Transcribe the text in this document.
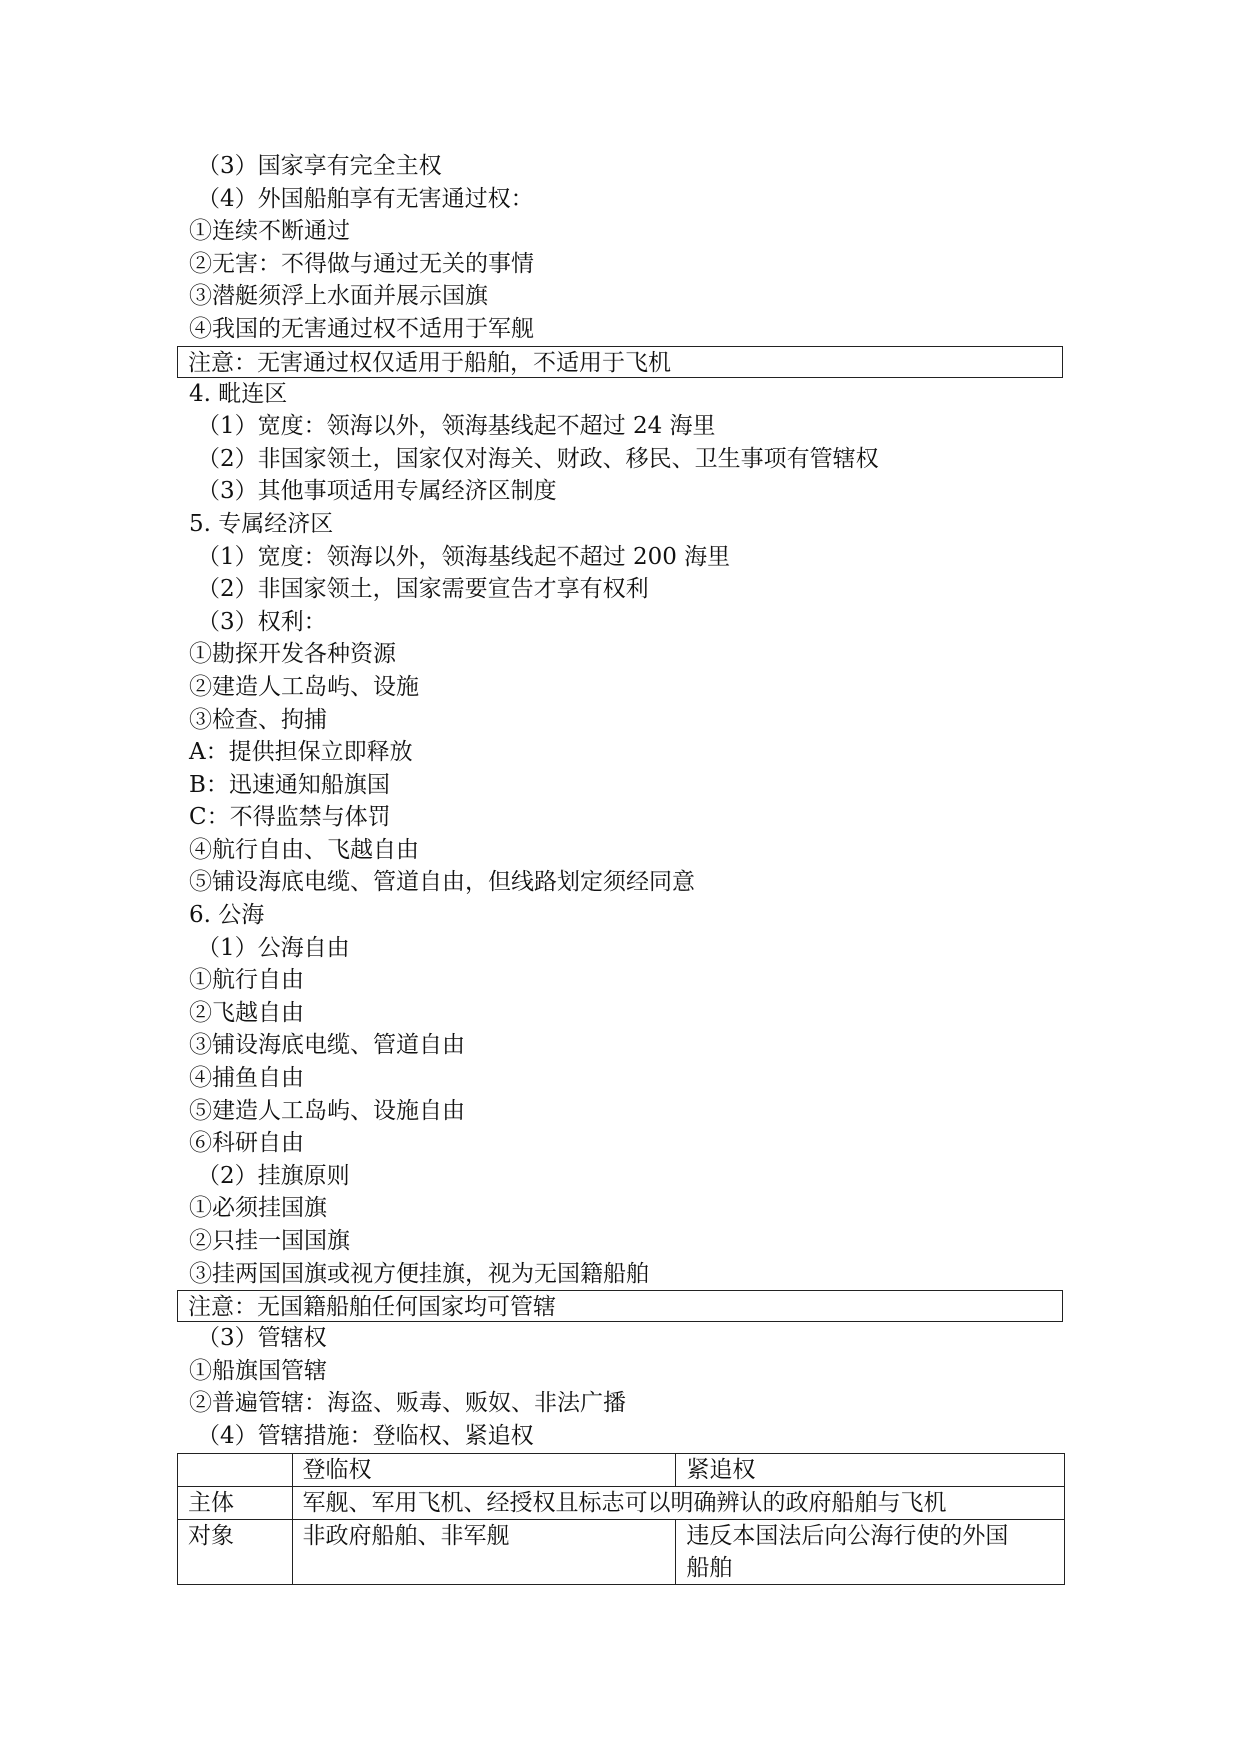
（3）国家享有完全主权
（4）外国船舶享有无害通过权：
①连续不断通过
②无害：不得做与通过无关的事情
③潜艇须浮上水面并展示国旗
④我国的无害通过权不适用于军舰
注意：无害通过权仅适用于船舶，不适用于飞机
4. 毗连区
（1）宽度：领海以外，领海基线起不超过 24 海里
（2）非国家领土，国家仅对海关、财政、移民、卫生事项有管辖权
（3）其他事项适用专属经济区制度
5. 专属经济区
（1）宽度：领海以外，领海基线起不超过 200 海里
（2）非国家领土，国家需要宣告才享有权利
（3）权利：
①勘探开发各种资源
②建造人工岛屿、设施
③检查、拘捕
A：提供担保立即释放
B：迅速通知船旗国
C：不得监禁与体罚
④航行自由、飞越自由
⑤铺设海底电缆、管道自由，但线路划定须经同意
6. 公海
（1）公海自由
①航行自由
②飞越自由
③铺设海底电缆、管道自由
④捕鱼自由
⑤建造人工岛屿、设施自由
⑥科研自由
（2）挂旗原则
①必须挂国旗
②只挂一国国旗
③挂两国国旗或视方便挂旗，视为无国籍船舶
注意：无国籍船舶任何国家均可管辖
（3）管辖权
①船旗国管辖
②普遍管辖：海盗、贩毒、贩奴、非法广播
（4）管辖措施：登临权、紧追权
	登临权	紧追权
主体	军舰、军用飞机、经授权且标志可以明确辨认的政府船舶与飞机	
对象	非政府船舶、非军舰	违反本国法后向公海行使的外国
船舶
